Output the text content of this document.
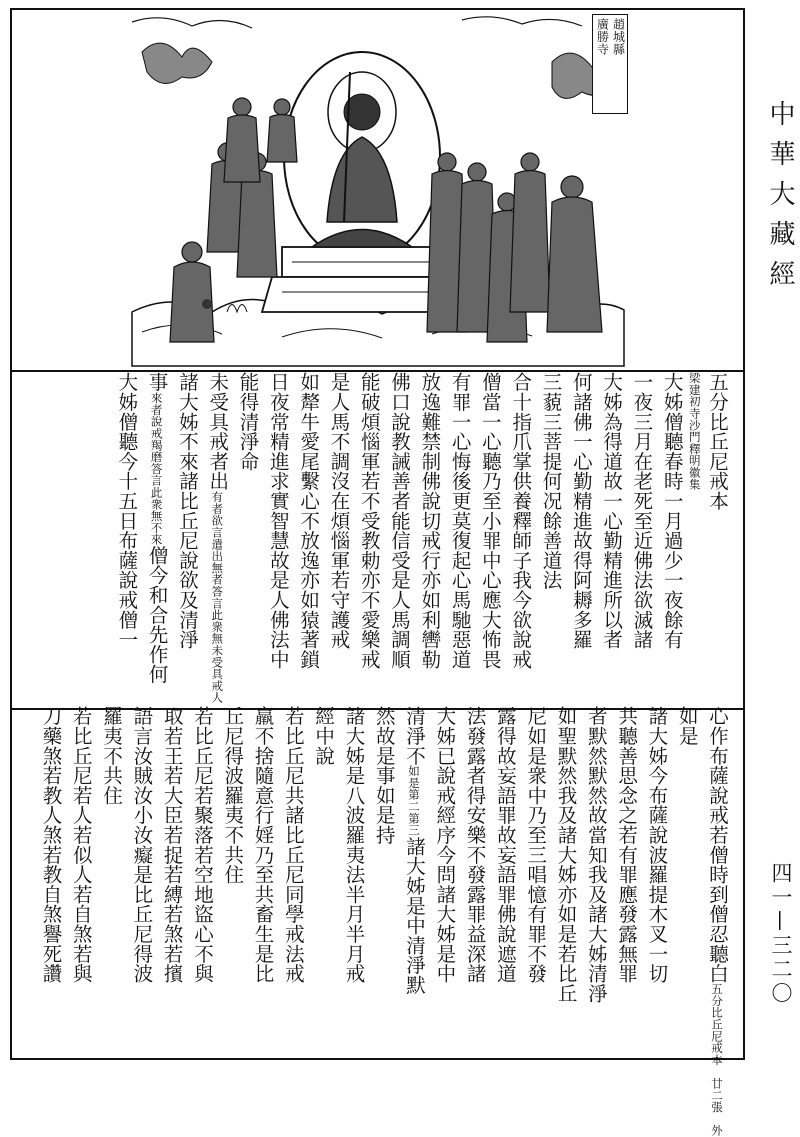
趙城縣
廣勝寺
五分比丘尼戒本
梁建初寺沙門釋明徽集
大姊僧聽春時一月過少一夜餘有
一夜三月在老死至近佛法欲滅諸
大姊為得道故一心勤精進所以者
何諸佛一心勤精進故得阿耨多羅
三藐三菩提何况餘善道法
合十指爪掌供養釋師子我今欲說戒
僧當一心聽乃至小罪中心應大怖畏
有罪一心悔後更莫復起心馬馳惡道
放逸難禁制佛說切戒行亦如利轡勒
佛口說教誡善者能信受是人馬調順
能破煩惱軍若不受教勅亦不愛樂戒
是人馬不調沒在煩惱軍若守護戒
如犛牛愛尾繫心不放逸亦如猿著鎖
日夜常精進求實智慧故是人佛法中
能得清淨命
未受具戒者出有者欲言遣出無者答言此衆無未受具戒人
諸大姊不來諸比丘尼說欲及清淨
事來者說戒羯磨答言此衆無不來僧今和合先作何
大姊僧聽今十五日布薩說戒僧一
心作布薩說戒若僧時到僧忍聽白五分比丘尼戒本　廿二張　外
如是
諸大姊今布薩說波羅提木叉一切
共聽善思念之若有罪應發露無罪
者默然默然故當知我及諸大姊清淨
如聖默然我及諸大姊亦如是若比丘
尼如是衆中乃至三唱憶有罪不發
露得故妄語罪故妄語罪佛說遮道
法發露者得安樂不發露罪益深諸
大姊已說戒經序今問諸大姊是中
清淨不如是第二第三諸大姊是中清淨默
然故是事如是持
諸大姊是八波羅夷法半月半月戒
經中說
若比丘尼共諸比丘尼同學戒法戒
羸不捨隨意行婬乃至共畜生是比
丘尼得波羅夷不共住
若比丘尼若聚落若空地盜心不與
取若王若大臣若捉若縛若煞若擯
語言汝賊汝小汝癡是比丘尼得波
羅夷不共住
若比丘尼若人若似人若自煞若與
刀藥煞若教人煞若教自煞譽死讚
中華大藏經
四一—三二〇
